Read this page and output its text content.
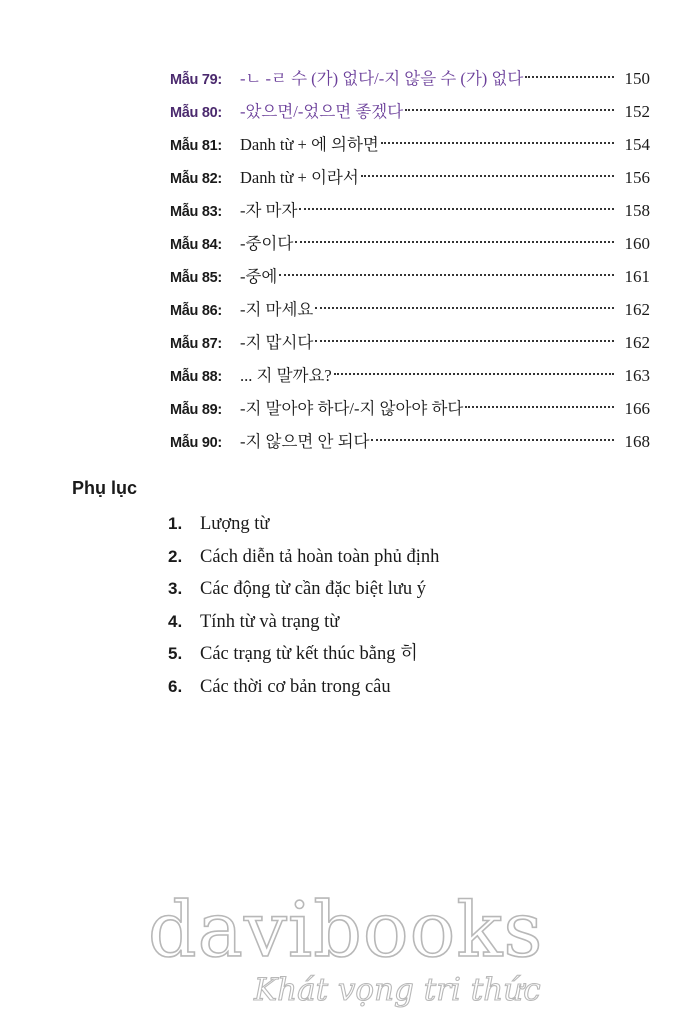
Mẫu 79:	-ㄴ -ㄹ 수 (가) 없다/-지 않을 수 (가) 없다	150
Mẫu 80:	-았으면/-었으면 좋겠다	152
Mẫu 81:	Danh từ + 에 의하면	154
Mẫu 82:	Danh từ + 이라서	156
Mẫu 83:	-자 마자	158
Mẫu 84:	-중이다	160
Mẫu 85:	-중에	161
Mẫu 86:	-지 마세요	162
Mẫu 87:	-지 맙시다	162
Mẫu 88:	... 지 말까요?	163
Mẫu 89:	-지 말아야 하다/-지 않아야 하다	166
Mẫu 90:	-지 않으면 안 되다	168
Phụ lục
1. Lượng từ
2. Cách diễn tả hoàn toàn phủ định
3. Các động từ cần đặc biệt lưu ý
4. Tính từ và trạng từ
5. Các trạng từ kết thúc bằng 히
6. Các thời cơ bản trong câu
davibooks
Khát vọng tri thức
